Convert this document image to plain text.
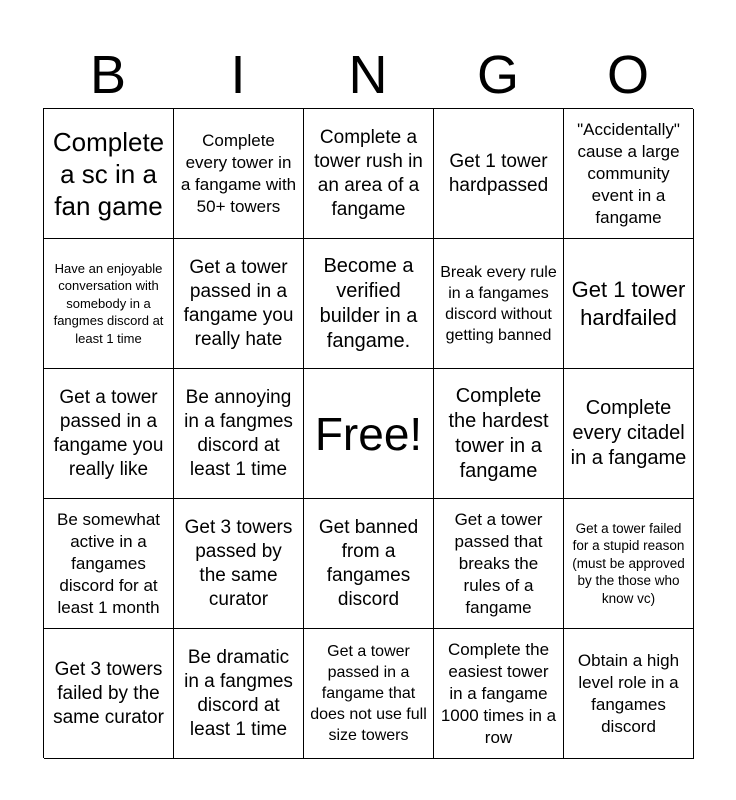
B	I	N	G	O
Complete a sc in a fan game
Complete every tower in a fangame with 50+ towers
Complete a tower rush in an area of a fangame
Get 1 tower hardpassed
"Accidentally" cause a large community event in a fangame
Have an enjoyable conversation with somebody in a fangmes discord at least 1 time
Get a tower passed in a fangame you really hate
Become a verified builder in a fangame.
Break every rule in a fangames discord without getting banned
Get 1 tower hardfailed
Get a tower passed in a fangame you really like
Be annoying in a fangmes discord at least 1 time
Free!
Complete the hardest tower in a fangame
Complete every citadel in a fangame
Be somewhat active in a fangames discord for at least 1 month
Get 3 towers passed by the same curator
Get banned from a fangames discord
Get a tower passed that breaks the rules of a fangame
Get a tower failed for a stupid reason (must be approved by the those who know vc)
Get 3 towers failed by the same curator
Be dramatic in a fangmes discord at least 1 time
Get a tower passed in a fangame that does not use full size towers
Complete the easiest tower in a fangame 1000 times in a row
Obtain a high level role in a fangames discord
